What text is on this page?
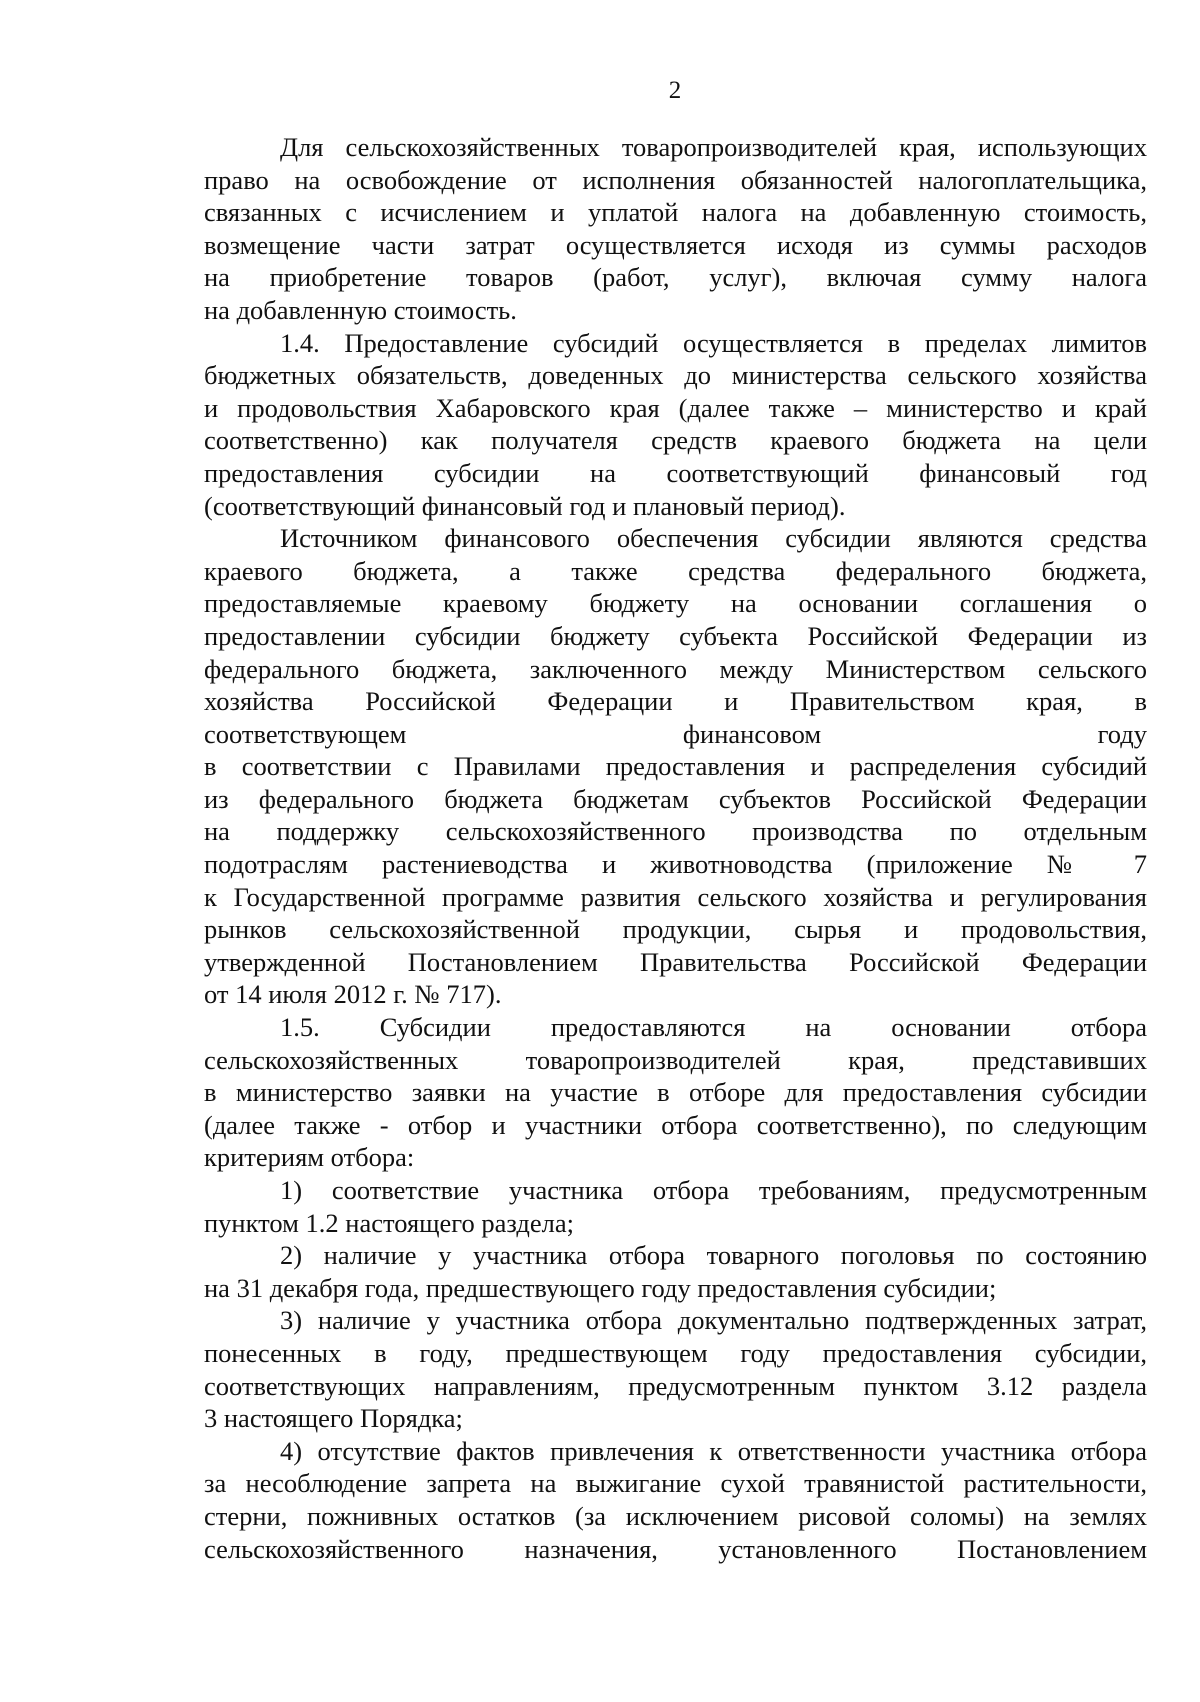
2
Для сельскохозяйственных товаропроизводителей края, использующих
право на освобождение от исполнения обязанностей налогоплательщика,
связанных с исчислением и уплатой налога на добавленную стоимость,
возмещение части затрат осуществляется исходя из суммы расходов
на приобретение товаров (работ, услуг), включая сумму налога
на добавленную стоимость.
1.4. Предоставление субсидий осуществляется в пределах лимитов
бюджетных обязательств, доведенных до министерства сельского хозяйства
и продовольствия Хабаровского края (далее также – министерство и край
соответственно) как получателя средств краевого бюджета на цели
предоставления субсидии на соответствующий финансовый год
(соответствующий финансовый год и плановый период).
Источником финансового обеспечения субсидии являются средства
краевого бюджета, а также средства федерального бюджета,
предоставляемые краевому бюджету на основании соглашения о
предоставлении субсидии бюджету субъекта Российской Федерации из
федерального бюджета, заключенного между Министерством сельского
хозяйства Российской Федерации и Правительством края, в
соответствующем финансовом году
в соответствии с Правилами предоставления и распределения субсидий
из федерального бюджета бюджетам субъектов Российской Федерации
на поддержку сельскохозяйственного производства по отдельным
подотраслям растениеводства и животноводства (приложение № 7
к Государственной программе развития сельского хозяйства и регулирования
рынков сельскохозяйственной продукции, сырья и продовольствия,
утвержденной Постановлением Правительства Российской Федерации
от 14 июля 2012 г. № 717).
1.5. Субсидии предоставляются на основании отбора
сельскохозяйственных товаропроизводителей края, представивших
в министерство заявки на участие в отборе для предоставления субсидии
(далее также - отбор и участники отбора соответственно), по следующим
критериям отбора:
1) соответствие участника отбора требованиям, предусмотренным
пунктом 1.2 настоящего раздела;
2) наличие у участника отбора товарного поголовья по состоянию
на 31 декабря года, предшествующего году предоставления субсидии;
3) наличие у участника отбора документально подтвержденных затрат,
понесенных в году, предшествующем году предоставления субсидии,
соответствующих направлениям, предусмотренным пунктом 3.12 раздела
3 настоящего Порядка;
4) отсутствие фактов привлечения к ответственности участника отбора
за несоблюдение запрета на выжигание сухой травянистой растительности,
стерни, пожнивных остатков (за исключением рисовой соломы) на землях
сельскохозяйственного назначения, установленного Постановлением
